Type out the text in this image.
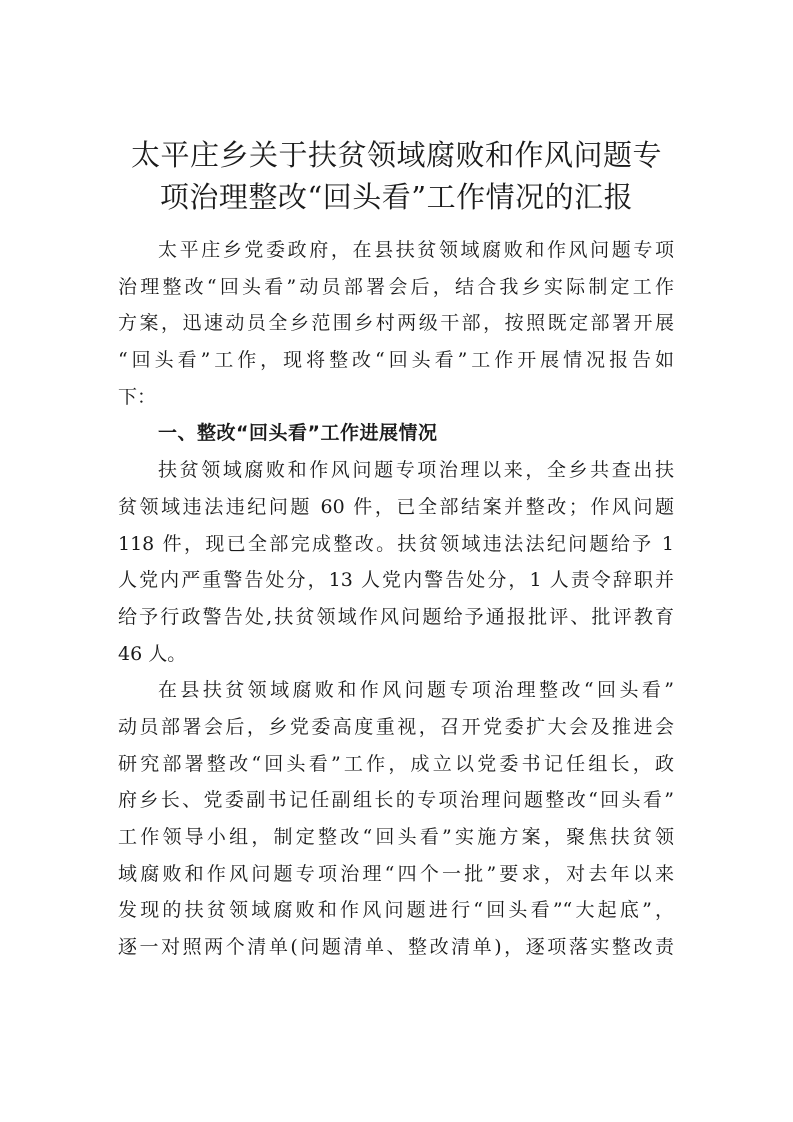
太平庄乡关于扶贫领域腐败和作风问题专
项治理整改“回头看”工作情况的汇报
太平庄乡党委政府，在县扶贫领域腐败和作风问题专项
治理整改“回头看”动员部署会后，结合我乡实际制定工作
方案，迅速动员全乡范围乡村两级干部，按照既定部署开展
“回头看”工作，现将整改“回头看”工作开展情况报告如
下：
一、整改“回头看”工作进展情况
扶贫领域腐败和作风问题专项治理以来，全乡共查出扶
贫领域违法违纪问题 60 件，已全部结案并整改；作风问题
118 件，现已全部完成整改。扶贫领域违法法纪问题给予 1
人党内严重警告处分，13 人党内警告处分，1 人责令辞职并
给予行政警告处,扶贫领域作风问题给予通报批评、批评教育
46 人。
在县扶贫领域腐败和作风问题专项治理整改“回头看”
动员部署会后，乡党委高度重视，召开党委扩大会及推进会
研究部署整改“回头看”工作，成立以党委书记任组长，政
府乡长、党委副书记任副组长的专项治理问题整改“回头看”
工作领导小组，制定整改“回头看”实施方案，聚焦扶贫领
域腐败和作风问题专项治理“四个一批”要求，对去年以来
发现的扶贫领域腐败和作风问题进行“回头看”“大起底”，
逐一对照两个清单(问题清单、整改清单)，逐项落实整改责
